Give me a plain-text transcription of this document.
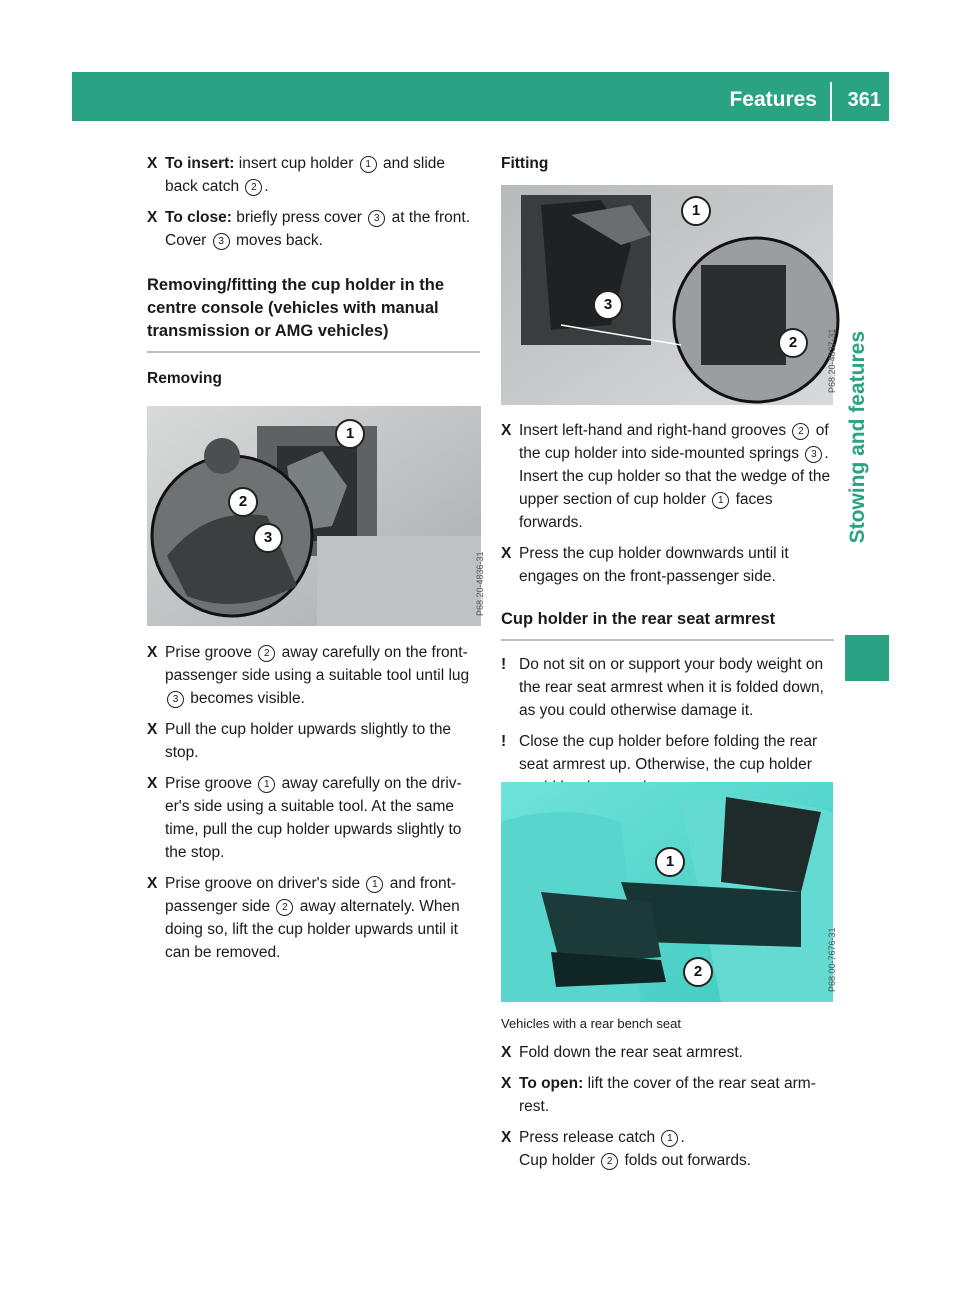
Features 361
Stowing and features
X To insert: insert cup holder 1 and slide back catch 2 .
X To close: briefly press cover 3 at the front.
Cover 3 moves back.

Removing/fitting the cup holder in the centre console (vehicles with manual transmission or AMG vehicles)

Removing

1
2
3
P68.20-4836-31
X Prise groove 2 away carefully on the front-passenger side using a suitable tool until lug 3 becomes visible.
X Pull the cup holder upwards slightly to the stop.
X Prise groove 1 away carefully on the driv-er's side using a suitable tool. At the same time, pull the cup holder upwards slightly to the stop.
X Prise groove on driver's side 1 and front-passenger side 2 away alternately. When doing so, lift the cup holder upwards until it can be removed.

Fitting

1
3
2	P68.20-4837-31
X Insert left-hand and right-hand grooves 2 of the cup holder into side-mounted springs 3 . Insert the cup holder so that the wedge of the upper section of cup holder 1 faces forwards.
X Press the cup holder downwards until it engages on the front-passenger side.

Cup holder in the rear seat armrest

! Do not sit on or support your body weight on the rear seat armrest when it is folded down, as you could otherwise damage it.
! Close the cup holder before folding the rear seat armrest up. Otherwise, the cup holder
1
2	P68.00-7676-31
Vehicles with a rear bench seat
X Fold down the rear seat armrest.
X To open: lift the cover of the rear seat arm-rest.
X Press release catch 1 .
Cup holder 2 folds out forwards.
